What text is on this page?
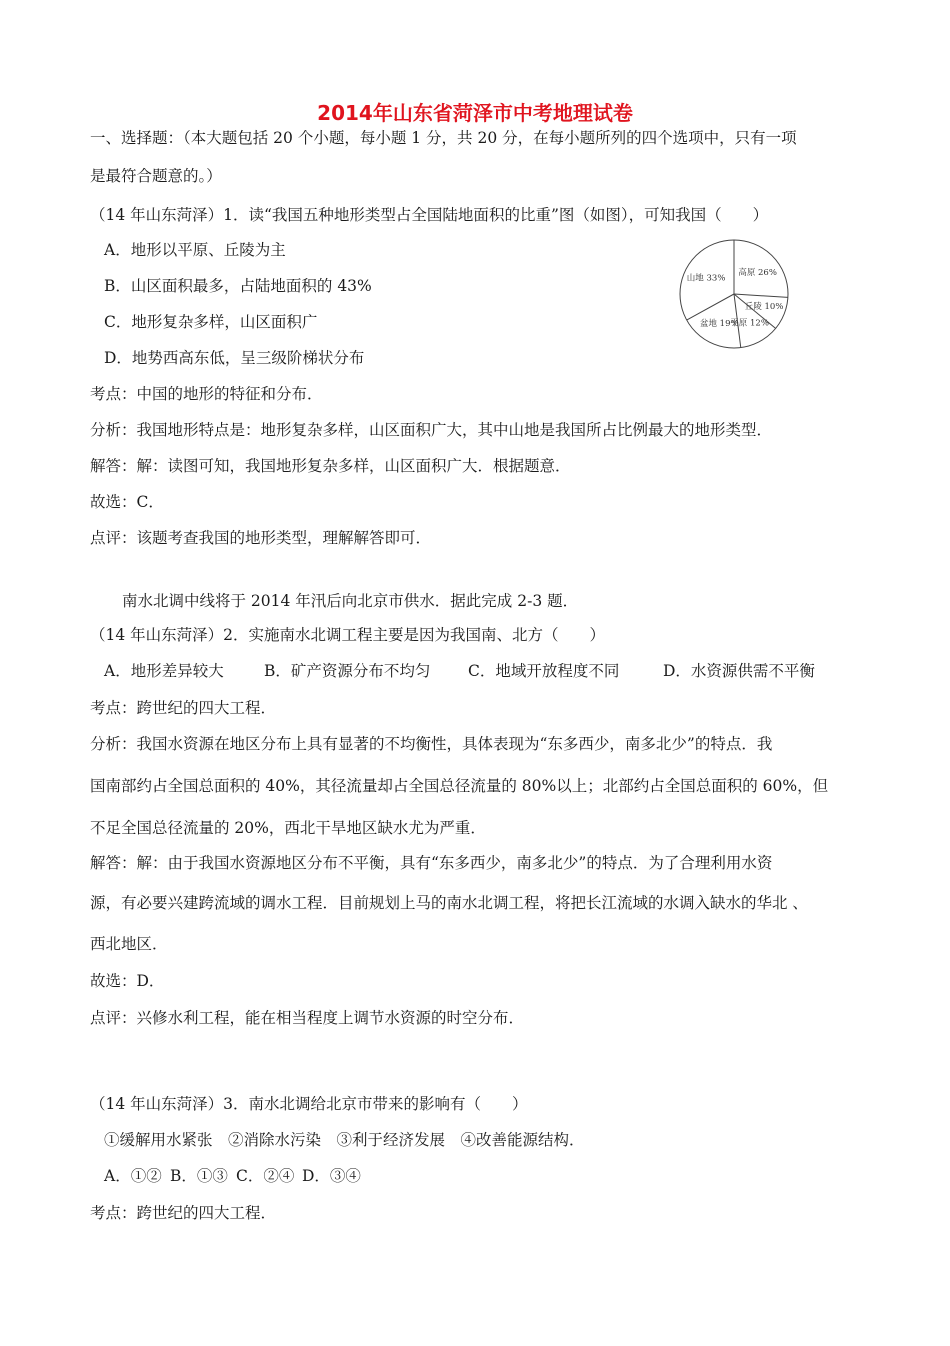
2014年山东省菏泽市中考地理试卷
一、选择题：（本大题包括 20 个小题，每小题 1 分，共 20 分，在每小题所列的四个选项中，只有一项
是最符合题意的。）
（14 年山东菏泽）1．读“我国五种地形类型占全国陆地面积的比重”图（如图），可知我国（　　）
A．地形以平原、丘陵为主
B．山区面积最多，占陆地面积的 43%
C．地形复杂多样，山区面积广
D．地势西高东低，呈三级阶梯状分布
高原 26%
丘陵 10%
平原 12%
盆地 19%
山地 33%
考点：中国的地形的特征和分布．
分析：我国地形特点是：地形复杂多样，山区面积广大，其中山地是我国所占比例最大的地形类型．
解答：解：读图可知，我国地形复杂多样，山区面积广大．根据题意．
故选：C．
点评：该题考查我国的地形类型，理解解答即可．
南水北调中线将于 2014 年汛后向北京市供水．据此完成 2-3 题．
（14 年山东菏泽）2．实施南水北调工程主要是因为我国南、北方（　　）
A．地形差异较大	B．矿产资源分布不均匀 C．地域开放程度不同	D．水资源供需不平衡
考点：跨世纪的四大工程．
分析：我国水资源在地区分布上具有显著的不均衡性，具体表现为“东多西少，南多北少”的特点．我
国南部约占全国总面积的 40%，其径流量却占全国总径流量的 80%以上；北部约占全国总面积的 60%，但
不足全国总径流量的 20%，西北干旱地区缺水尤为严重．
解答：解：由于我国水资源地区分布不平衡，具有“东多西少，南多北少”的特点．为了合理利用水资
源，有必要兴建跨流域的调水工程．目前规划上马的南水北调工程，将把长江流域的水调入缺水的华北 、
西北地区．
故选：D．
点评：兴修水利工程，能在相当程度上调节水资源的时空分布．
（14 年山东菏泽）3．南水北调给北京市带来的影响有（　　）
①缓解用水紧张　②消除水污染　③利于经济发展　④改善能源结构．
A．①② B．①③ C．②④ D．③④
考点：跨世纪的四大工程．
